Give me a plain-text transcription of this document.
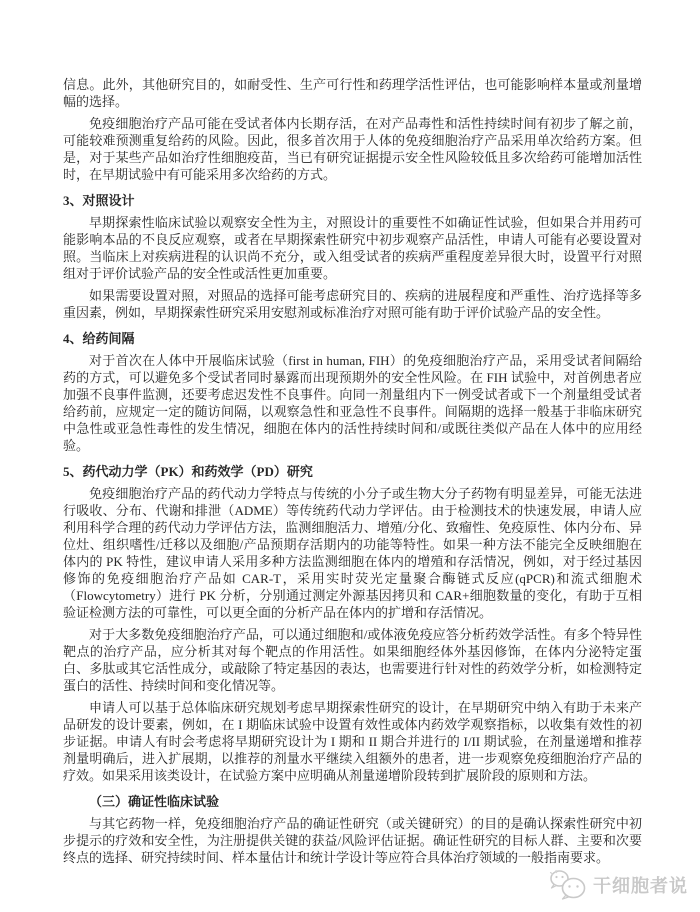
信息。此外，其他研究目的，如耐受性、生产可行性和药理学活性评估，也可能影响样本量或剂量增幅的选择。

免疫细胞治疗产品可能在受试者体内长期存活，在对产品毒性和活性持续时间有初步了解之前，可能较难预测重复给药的风险。因此，很多首次用于人体的免疫细胞治疗产品采用单次给药方案。但是，对于某些产品如治疗性细胞疫苗，当已有研究证据提示安全性风险较低且多次给药可能增加活性时，在早期试验中有可能采用多次给药的方式。

3、对照设计

早期探索性临床试验以观察安全性为主，对照设计的重要性不如确证性试验，但如果合并用药可能影响本品的不良反应观察，或者在早期探索性研究中初步观察产品活性，申请人可能有必要设置对照。当临床上对疾病进程的认识尚不充分，或入组受试者的疾病严重程度差异很大时，设置平行对照组对于评价试验产品的安全性或活性更加重要。

如果需要设置对照，对照品的选择可能考虑研究目的、疾病的进展程度和严重性、治疗选择等多重因素，例如，早期探索性研究采用安慰剂或标准治疗对照可能有助于评价试验产品的安全性。

4、给药间隔

对于首次在人体中开展临床试验（first in human, FIH）的免疫细胞治疗产品，采用受试者间隔给药的方式，可以避免多个受试者同时暴露而出现预期外的安全性风险。在 FIH 试验中，对首例患者应加强不良事件监测，还要考虑迟发性不良事件。向同一剂量组内下一例受试者或下一个剂量组受试者给药前，应规定一定的随访间隔，以观察急性和亚急性不良事件。间隔期的选择一般基于非临床研究中急性或亚急性毒性的发生情况，细胞在体内的活性持续时间和/或既往类似产品在人体中的应用经验。

5、药代动力学（PK）和药效学（PD）研究

免疫细胞治疗产品的药代动力学特点与传统的小分子或生物大分子药物有明显差异，可能无法进行吸收、分布、代谢和排泄（ADME）等传统药代动力学评估。由于检测技术的快速发展，申请人应利用科学合理的药代动力学评估方法，监测细胞活力、增殖/分化、致瘤性、免疫原性、体内分布、异位灶、组织嗜性/迁移以及细胞/产品预期存活期内的功能等特性。如果一种方法不能完全反映细胞在体内的 PK 特性，建议申请人采用多种方法监测细胞在体内的增殖和存活情况，例如，对于经过基因修饰的免疫细胞治疗产品如 CAR-T，采用实时荧光定量聚合酶链式反应(qPCR)和流式细胞术（Flowcytometry）进行 PK 分析，分别通过测定外源基因拷贝和 CAR+细胞数量的变化，有助于互相验证检测方法的可靠性，可以更全面的分析产品在体内的扩增和存活情况。

对于大多数免疫细胞治疗产品，可以通过细胞和/或体液免疫应答分析药效学活性。有多个特异性靶点的治疗产品，应分析其对每个靶点的作用活性。如果细胞经体外基因修饰，在体内分泌特定蛋白、多肽或其它活性成分，或敲除了特定基因的表达，也需要进行针对性的药效学分析，如检测特定蛋白的活性、持续时间和变化情况等。

申请人可以基于总体临床研究规划考虑早期探索性研究的设计，在早期研究中纳入有助于未来产品研发的设计要素，例如，在 I 期临床试验中设置有效性或体内药效学观察指标，以收集有效性的初步证据。申请人有时会考虑将早期研究设计为 I 期和 II 期合并进行的 I/II 期试验，在剂量递增和推荐剂量明确后，进入扩展期，以推荐的剂量水平继续入组额外的患者，进一步观察免疫细胞治疗产品的疗效。如果采用该类设计，在试验方案中应明确从剂量递增阶段转到扩展阶段的原则和方法。

（三）确证性临床试验

与其它药物一样，免疫细胞治疗产品的确证性研究（或关键研究）的目的是确认探索性研究中初步提示的疗效和安全性，为注册提供关键的获益/风险评估证据。确证性研究的目标人群、主要和次要终点的选择、研究持续时间、样本量估计和统计学设计等应符合具体治疗领域的一般指南要求。

干细胞者说
